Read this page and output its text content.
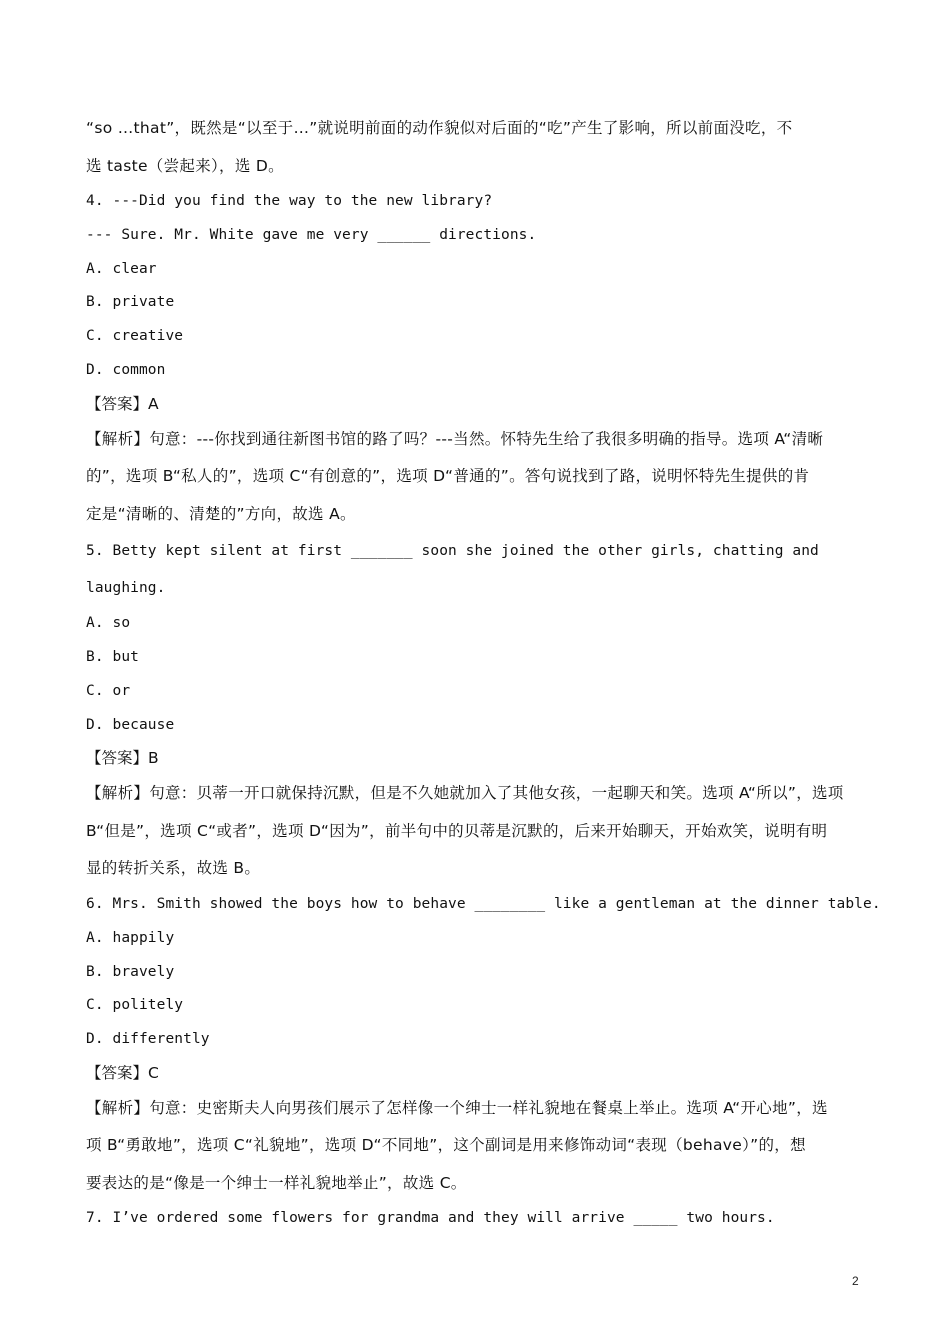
“so …that”，既然是“以至于…”就说明前面的动作貌似对后面的“吃”产生了影响，所以前面没吃，不
选 taste（尝起来），选 D。
4. ---Did you find the way to the new library?
--- Sure. Mr. White gave me very ______ directions.
A. clear
B. private
C. creative
D. common
【答案】A
【解析】句意：---你找到通往新图书馆的路了吗？---当然。怀特先生给了我很多明确的指导。选项 A“清晰
的”，选项 B“私人的”，选项 C“有创意的”，选项 D“普通的”。答句说找到了路，说明怀特先生提供的肯
定是“清晰的、清楚的”方向，故选 A。
5. Betty kept silent at first _______ soon she joined the other girls, chatting and
laughing.
A. so
B. but
C. or
D. because
【答案】B
【解析】句意：贝蒂一开口就保持沉默，但是不久她就加入了其他女孩，一起聊天和笑。选项 A“所以”，选项
B“但是”，选项 C“或者”，选项 D“因为”，前半句中的贝蒂是沉默的，后来开始聊天，开始欢笑，说明有明
显的转折关系，故选 B。
6. Mrs. Smith showed the boys how to behave ________ like a gentleman at the dinner table.
A. happily
B. bravely
C. politely
D. differently
【答案】C
【解析】句意：史密斯夫人向男孩们展示了怎样像一个绅士一样礼貌地在餐桌上举止。选项 A“开心地”，选
项 B“勇敢地”，选项 C“礼貌地”，选项 D“不同地”，这个副词是用来修饰动词“表现（behave）”的，想
要表达的是“像是一个绅士一样礼貌地举止”，故选 C。
7. I’ve ordered some flowers for grandma and they will arrive _____ two hours.
2
